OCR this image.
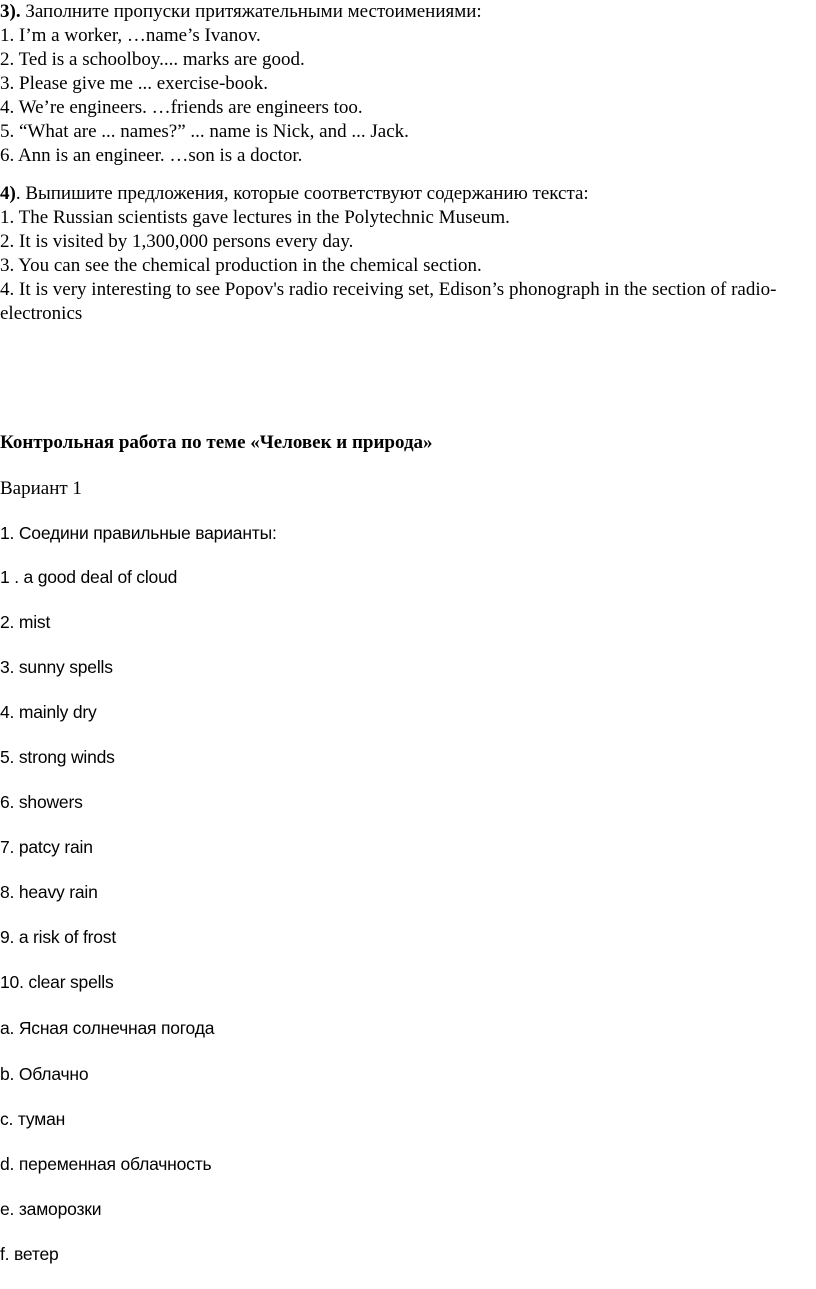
3). Заполните пропуски притяжательными местоимениями:
1. I’m a worker, …name’s Ivanov.
2. Ted is a schoolboy.... marks are good.
3. Please give me ... exercise-book.
4. We’re engineers. …friends are engineers too.
5. “What are ... names?” ... name is Nick, and ... Jack.
6. Ann is an engineer. …son is a doctor.
4). Выпишите предложения, которые соответствуют содержанию текста:
1. The Russian scientists gave lectures in the Polytechnic Museum.
2. It is visited by 1,300,000 persons every day.
3. You can see the chemical production in the chemical section.
4. It is very interesting to see Popov's radio receiving set, Edison’s phonograph in the section of radio-electronics
Контрольная работа по теме «Человек и природа»
Вариант 1
1. Соедини правильные варианты:
1 . a good deal of cloud
2. mist
3. sunny spells
4. mainly dry
5. strong winds
6. showers
7. patcy rain
8. heavy rain
9. a risk of frost
10. clear spells
a. Ясная солнечная погода
b. Облачно
c. туман
d. переменная облачность
e. заморозки
f. ветер
